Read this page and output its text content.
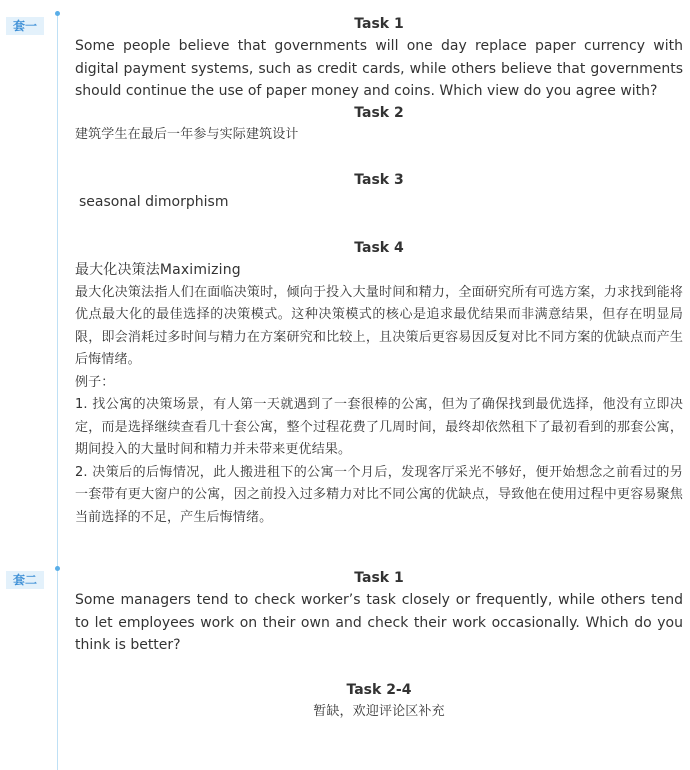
套一	Task 1

Some people believe that governments will one day replace paper currency with digital payment systems, such as credit cards, while others believe that governments should continue the use of paper money and coins. Which view do you agree with?

Task 2

建筑学生在最后一年参与实际建筑设计

Task 3

seasonal dimorphism

Task 4

最大化决策法Maximizing

最大化决策法指人们在面临决策时，倾向于投入大量时间和精力，全面研究所有可选方案，力求找到能将优点最大化的最佳选择的决策模式。这种决策模式的核心是追求最优结果而非满意结果，但存在明显局限，即会消耗过多时间与精力在方案研究和比较上，且决策后更容易因反复对比不同方案的优缺点而产生后悔情绪。

例子：

1. 找公寓的决策场景，有人第一天就遇到了一套很棒的公寓，但为了确保找到最优选择，他没有立即决定，而是选择继续查看几十套公寓，整个过程花费了几周时间，最终却依然租下了最初看到的那套公寓，期间投入的大量时间和精力并未带来更优结果。

2. 决策后的后悔情况，此人搬进租下的公寓一个月后，发现客厅采光不够好，便开始想念之前看过的另一套带有更大窗户的公寓，因之前投入过多精力对比不同公寓的优缺点，导致他在使用过程中更容易聚焦当前选择的不足，产生后悔情绪。

套二	Task 1

Some managers tend to check worker’s task closely or frequently, while others tend to let employees work on their own and check their work occasionally. Which do you think is better?

Task 2-4

暂缺，欢迎评论区补充
